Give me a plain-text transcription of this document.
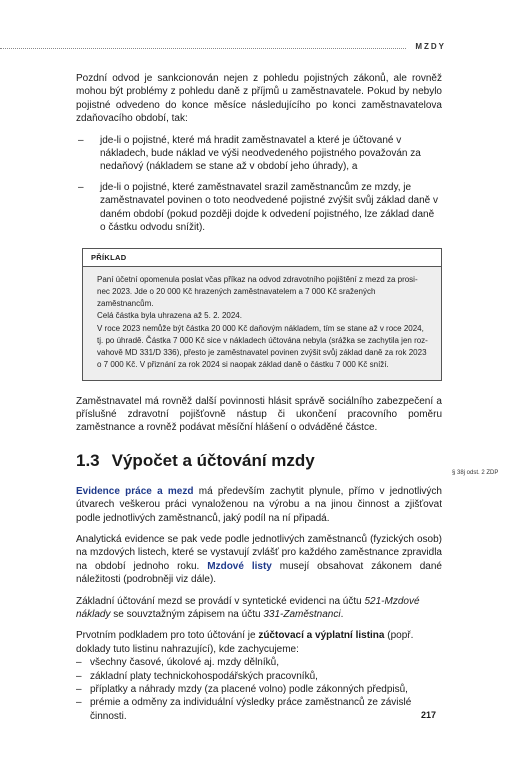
MZDY

Pozdní odvod je sankcionován nejen z pohledu pojistných zákonů, ale rovněž mohou být problémy z pohledu daně z příjmů u zaměstnavatele. Pokud by nebylo pojistné odvedeno do konce měsíce následujícího po konci zaměstnavatelova zdaňovacího období, tak:

– jde-li o pojistné, které má hradit zaměstnavatel a které je účtované v nákladech, bude náklad ve výši neodvedeného pojistného považován za nedaňový (nákladem se stane až v období jeho úhrady), a
– jde-li o pojistné, které zaměstnavatel srazil zaměstnancům ze mzdy, je zaměstnavatel povinen o toto neodvedené pojistné zvýšit svůj základ daně v daném období (pokud později dojde k odvedení pojistného, lze základ daně o částku odvodu snížit).
PŘÍKLAD
Paní účetní opomenula poslat včas příkaz na odvod zdravotního pojištění z mezd za prosi-
nec 2023. Jde o 20 000 Kč hrazených zaměstnavatelem a 7 000 Kč sražených zaměstnancům.
Celá částka byla uhrazena až 5. 2. 2024.
V roce 2023 nemůže být částka 20 000 Kč daňovým nákladem, tím se stane až v roce 2024,
tj. po úhradě. Částka 7 000 Kč sice v nákladech účtována nebyla (srážka se zachytila jen roz-
vahově MD 331/D 336), přesto je zaměstnavatel povinen zvýšit svůj základ daně za rok 2023
o 7 000 Kč. V přiznání za rok 2024 si naopak základ daně o částku 7 000 Kč sníží.

Zaměstnavatel má rovněž další povinnosti hlásit správě sociálního zabezpečení a příslušné zdravotní pojišťovně nástup či ukončení pracovního poměru zaměstnance a rovněž podávat měsíční hlášení o odváděné částce.

1.3 Výpočet a účtování mzdy

Evidence práce a mezd má především zachytit plynule, přímo v jednotlivých útvarech veškerou práci vynaloženou na výrobu a na jinou činnost a zjišťovat podle jednotlivých zaměstnanců, jaký podíl na ní připadá.

Analytická evidence se pak vede podle jednotlivých zaměstnanců (fyzických osob) na mzdových listech, které se vystavují zvlášť pro každého zaměstnance zpravidla na období jednoho roku. Mzdové listy musejí obsahovat zákonem dané náležitosti (podrobněji viz dále).

Základní účtování mezd se provádí v syntetické evidenci na účtu 521-Mzdové náklady se souvztažným zápisem na účtu 331-Zaměstnanci.

Prvotním podkladem pro toto účtování je zúčtovací a výplatní listina (popř. doklady tuto listinu nahrazující), kde zachycujeme:

– všechny časové, úkolové aj. mzdy dělníků,
– základní platy technickohospodářských pracovníků,
– příplatky a náhrady mzdy (za placené volno) podle zákonných předpisů,
– prémie a odměny za individuální výsledky práce zaměstnanců ze závislé činnosti.
§ 38j odst. 2 ZDP
217
